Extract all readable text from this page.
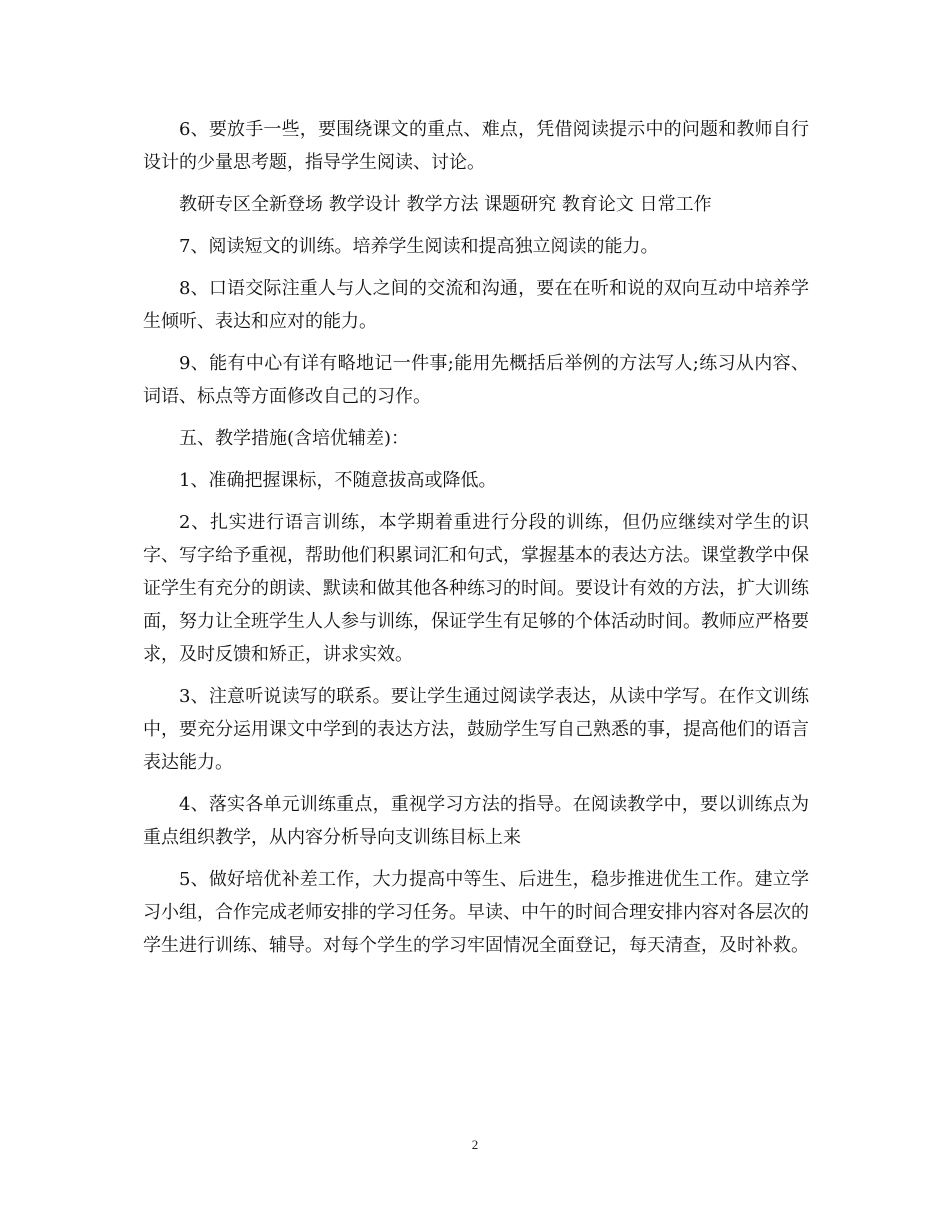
6、要放手一些，要围绕课文的重点、难点，凭借阅读提示中的问题和教师自行设计的少量思考题，指导学生阅读、讨论。

教研专区全新登场 教学设计 教学方法 课题研究 教育论文 日常工作

7、阅读短文的训练。培养学生阅读和提高独立阅读的能力。

8、口语交际注重人与人之间的交流和沟通，要在在听和说的双向互动中培养学生倾听、表达和应对的能力。

9、能有中心有详有略地记一件事;能用先概括后举例的方法写人;练习从内容、词语、标点等方面修改自己的习作。

五、教学措施(含培优辅差)：

1、准确把握课标，不随意拔高或降低。

2、扎实进行语言训练，本学期着重进行分段的训练，但仍应继续对学生的识字、写字给予重视，帮助他们积累词汇和句式，掌握基本的表达方法。课堂教学中保证学生有充分的朗读、默读和做其他各种练习的时间。要设计有效的方法，扩大训练面，努力让全班学生人人参与训练，保证学生有足够的个体活动时间。教师应严格要求，及时反馈和矫正，讲求实效。

3、注意听说读写的联系。要让学生通过阅读学表达，从读中学写。在作文训练中，要充分运用课文中学到的表达方法，鼓励学生写自己熟悉的事，提高他们的语言表达能力。

4、落实各单元训练重点，重视学习方法的指导。在阅读教学中，要以训练点为重点组织教学，从内容分析导向支训练目标上来

5、做好培优补差工作，大力提高中等生、后进生，稳步推进优生工作。建立学习小组，合作完成老师安排的学习任务。早读、中午的时间合理安排内容对各层次的学生进行训练、辅导。对每个学生的学习牢固情况全面登记，每天清查，及时补救。

2
